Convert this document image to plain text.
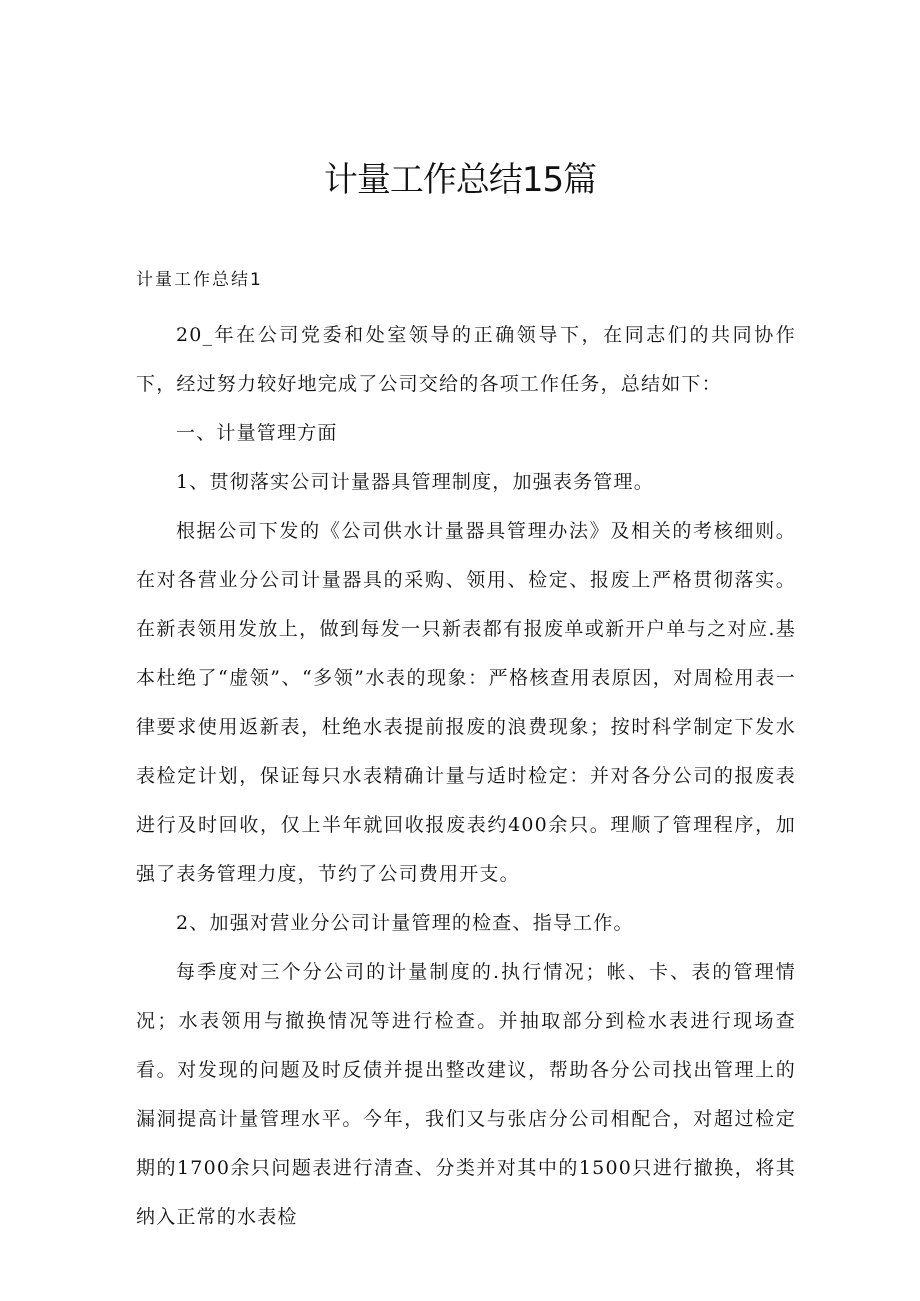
计量工作总结15篇

计量工作总结1

20_年在公司党委和处室领导的正确领导下，在同志们的共同协作下，经过努力较好地完成了公司交给的各项工作任务，总结如下：

一、计量管理方面

1、贯彻落实公司计量器具管理制度，加强表务管理。

根据公司下发的《公司供水计量器具管理办法》及相关的考核细则。在对各营业分公司计量器具的采购、领用、检定、报废上严格贯彻落实。在新表领用发放上，做到每发一只新表都有报废单或新开户单与之对应.基本杜绝了“虚领”、“多领”水表的现象：严格核查用表原因，对周检用表一律要求使用返新表，杜绝水表提前报废的浪费现象；按时科学制定下发水表检定计划，保证每只水表精确计量与适时检定：并对各分公司的报废表进行及时回收，仅上半年就回收报废表约400余只。理顺了管理程序，加强了表务管理力度，节约了公司费用开支。

2、加强对营业分公司计量管理的检查、指导工作。

每季度对三个分公司的计量制度的.执行情况；帐、卡、表的管理情况；水表领用与撤换情况等进行检查。并抽取部分到检水表进行现场查看。对发现的问题及时反债并提出整改建议，帮助各分公司找出管理上的漏洞提高计量管理水平。今年，我们又与张店分公司相配合，对超过检定期的1700余只问题表进行清查、分类并对其中的1500只进行撤换，将其纳入正常的水表检
